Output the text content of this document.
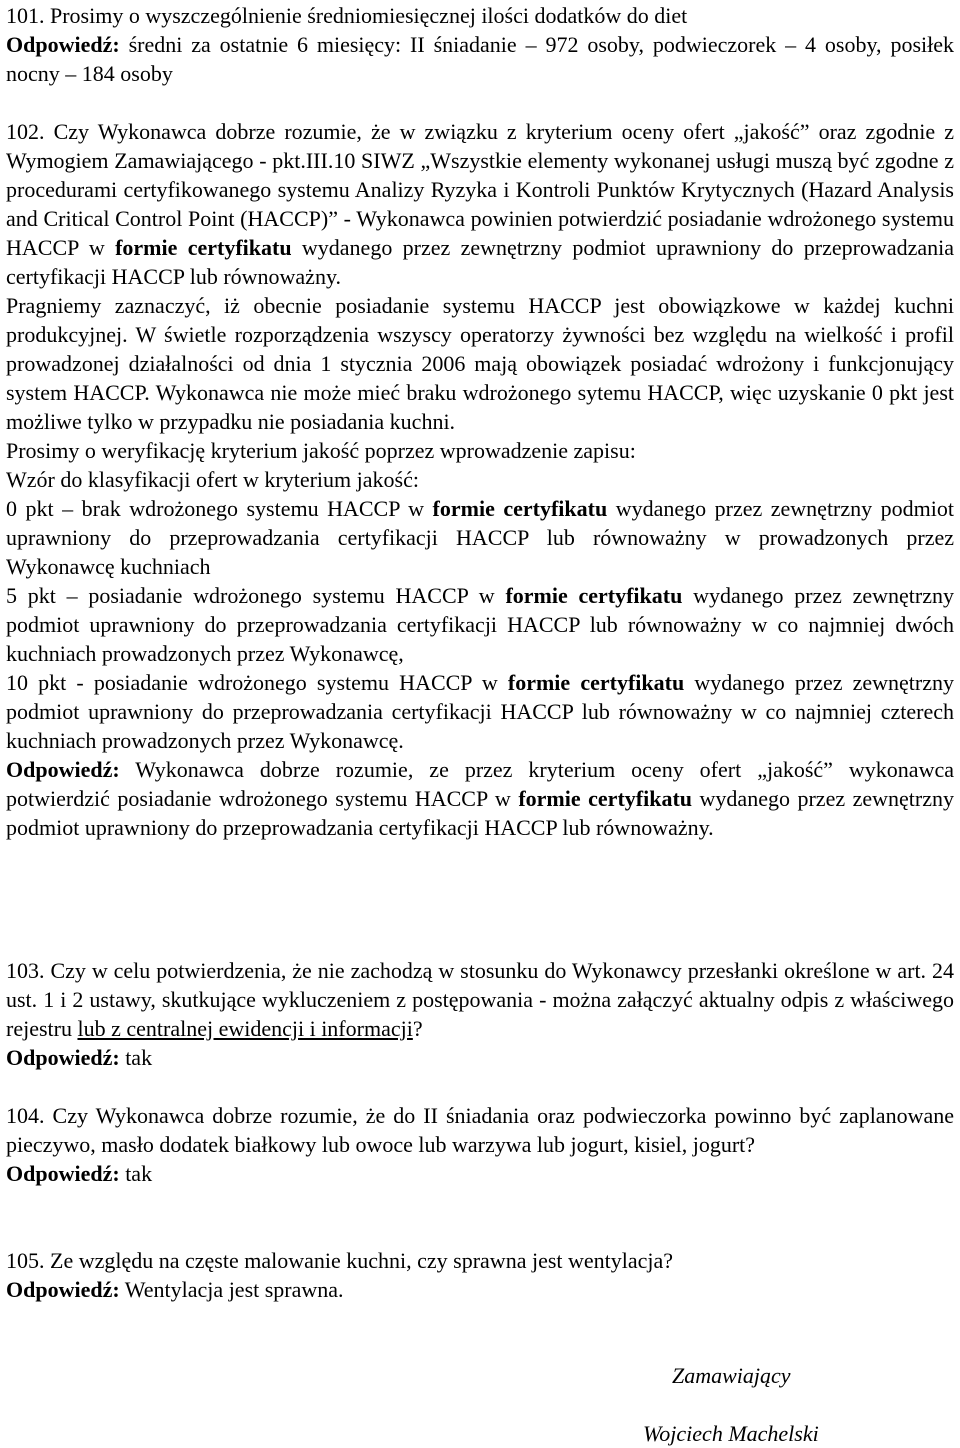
101. Prosimy o wyszczególnienie średniomiesięcznej ilości dodatków do diet

Odpowiedź: średni za ostatnie 6 miesięcy: II śniadanie – 972 osoby, podwieczorek – 4 osoby, posiłek nocny – 184 osoby

102. Czy Wykonawca dobrze rozumie, że w związku z kryterium oceny ofert „jakość” oraz zgodnie z Wymogiem Zamawiającego - pkt.III.10 SIWZ „Wszystkie elementy wykonanej usługi muszą być zgodne z procedurami certyfikowanego systemu Analizy Ryzyka i Kontroli Punktów Krytycznych (Hazard Analysis and Critical Control Point (HACCP)” - Wykonawca powinien potwierdzić posiadanie wdrożonego systemu HACCP w formie certyfikatu wydanego przez zewnętrzny podmiot uprawniony do przeprowadzania certyfikacji HACCP lub równoważny.

Pragniemy zaznaczyć, iż obecnie posiadanie systemu HACCP jest obowiązkowe w każdej kuchni produkcyjnej. W świetle rozporządzenia wszyscy operatorzy żywności bez względu na wielkość i profil prowadzonej działalności od dnia 1 stycznia 2006 mają obowiązek posiadać wdrożony i funkcjonujący system HACCP. Wykonawca nie może mieć braku wdrożonego sytemu HACCP, więc uzyskanie 0 pkt jest możliwe tylko w przypadku nie posiadania kuchni.

Prosimy o weryfikację kryterium jakość poprzez wprowadzenie zapisu:

Wzór do klasyfikacji ofert w kryterium jakość:

0 pkt – brak wdrożonego systemu HACCP w formie certyfikatu wydanego przez zewnętrzny podmiot uprawniony do przeprowadzania certyfikacji HACCP lub równoważny w prowadzonych przez Wykonawcę kuchniach

5 pkt – posiadanie wdrożonego systemu HACCP w formie certyfikatu wydanego przez zewnętrzny podmiot uprawniony do przeprowadzania certyfikacji HACCP lub równoważny w co najmniej dwóch kuchniach prowadzonych przez Wykonawcę,

10 pkt - posiadanie wdrożonego systemu HACCP w formie certyfikatu wydanego przez zewnętrzny podmiot uprawniony do przeprowadzania certyfikacji HACCP lub równoważny w co najmniej czterech kuchniach prowadzonych przez Wykonawcę.

Odpowiedź: Wykonawca dobrze rozumie, ze przez kryterium oceny ofert „jakość” wykonawca potwierdzić posiadanie wdrożonego systemu HACCP w formie certyfikatu wydanego przez zewnętrzny podmiot uprawniony do przeprowadzania certyfikacji HACCP lub równoważny.

103. Czy w celu potwierdzenia, że nie zachodzą w stosunku do Wykonawcy przesłanki określone w art. 24 ust. 1 i 2 ustawy, skutkujące wykluczeniem z postępowania - można załączyć aktualny odpis z właściwego rejestru lub z centralnej ewidencji i informacji?

Odpowiedź: tak

104. Czy Wykonawca dobrze rozumie, że do II śniadania oraz podwieczorka powinno być zaplanowane pieczywo, masło dodatek białkowy lub owoce lub warzywa lub jogurt, kisiel, jogurt?

Odpowiedź: tak

105. Ze względu na częste malowanie kuchni, czy sprawna jest wentylacja?

Odpowiedź: Wentylacja jest sprawna.

Zamawiający
Wojciech Machelski
